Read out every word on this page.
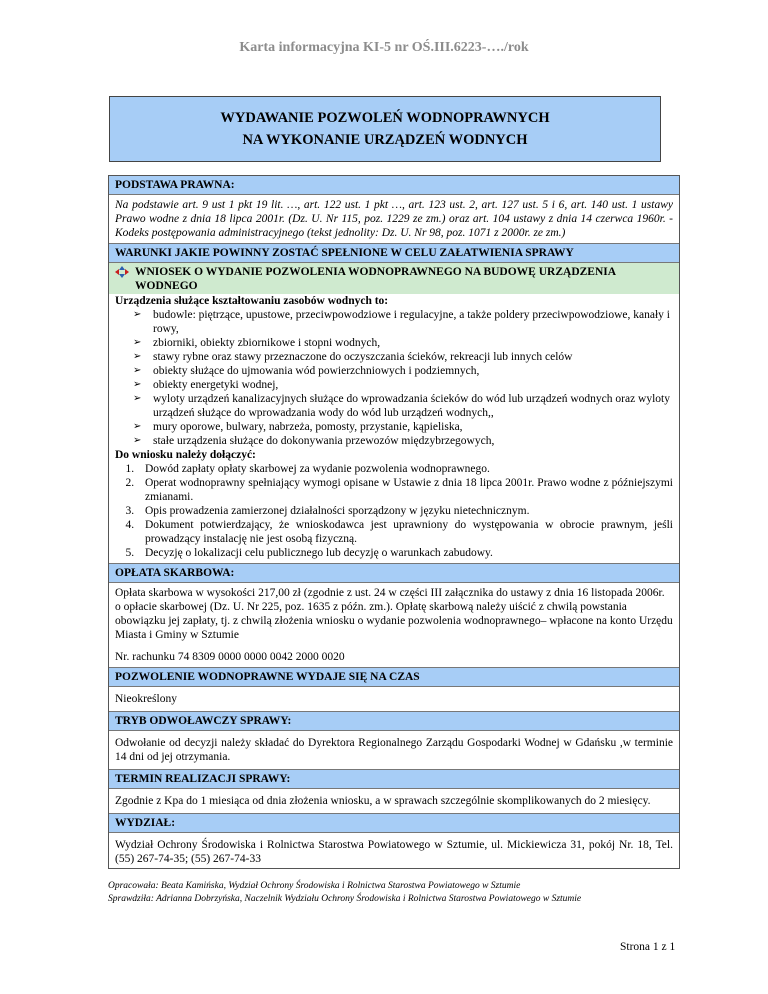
Karta informacyjna KI-5 nr OŚ.III.6223-…./rok
WYDAWANIE POZWOLEŃ WODNOPRAWNYCH
NA WYKONANIE URZĄDZEŃ WODNYCH
PODSTAWA PRAWNA:
Na podstawie art. 9 ust 1 pkt 19 lit. …, art. 122 ust. 1 pkt …, art. 123 ust. 2, art. 127 ust. 5 i 6, art. 140 ust. 1 ustawy Prawo wodne z dnia 18 lipca 2001r. (Dz. U. Nr 115, poz. 1229 ze zm.) oraz art. 104 ustawy z dnia 14 czerwca 1960r. - Kodeks postępowania administracyjnego (tekst jednolity: Dz. U. Nr 98, poz. 1071 z 2000r. ze zm.)
WARUNKI JAKIE POWINNY ZOSTAĆ SPEŁNIONE W CELU ZAŁATWIENIA SPRAWY
WNIOSEK O WYDANIE POZWOLENIA WODNOPRAWNEGO NA BUDOWĘ URZĄDZENIA WODNEGO
Urządzenia służące kształtowaniu zasobów wodnych to:
➢ budowle: piętrzące, upustowe, przeciwpowodziowe i regulacyjne, a także poldery przeciwpowodziowe, kanały i rowy,
➢ zbiorniki, obiekty zbiornikowe i stopni wodnych,
➢ stawy rybne oraz stawy przeznaczone do oczyszczania ścieków, rekreacji lub innych celów
➢ obiekty służące do ujmowania wód powierzchniowych i podziemnych,
➢ obiekty energetyki wodnej,
➢ wyloty urządzeń kanalizacyjnych służące do wprowadzania ścieków do wód lub urządzeń wodnych oraz wyloty urządzeń służące do wprowadzania wody do wód lub urządzeń wodnych,,
➢ mury oporowe, bulwary, nabrzeża, pomosty, przystanie, kąpieliska,
➢ stałe urządzenia służące do dokonywania przewozów międzybrzegowych,
Do wniosku należy dołączyć:
1. Dowód zapłaty opłaty skarbowej za wydanie pozwolenia wodnoprawnego.
2. Operat wodnoprawny spełniający wymogi opisane w Ustawie z dnia 18 lipca 2001r. Prawo wodne z późniejszymi zmianami.
3. Opis prowadzenia zamierzonej działalności sporządzony w języku nietechnicznym.
4. Dokument potwierdzający, że wnioskodawca jest uprawniony do występowania w obrocie prawnym, jeśli prowadzący instalację nie jest osobą fizyczną.
5. Decyzję o lokalizacji celu publicznego lub decyzję o warunkach zabudowy.
OPŁATA SKARBOWA:
Opłata skarbowa w wysokości 217,00 zł (zgodnie z ust. 24 w części III załącznika do ustawy z dnia 16 listopada 2006r. o opłacie skarbowej (Dz. U. Nr 225, poz. 1635 z późn. zm.). Opłatę skarbową należy uiścić z chwilą powstania obowiązku jej zapłaty, tj. z chwilą złożenia wniosku o wydanie pozwolenia wodnoprawnego– wpłacone na konto Urzędu Miasta i Gminy w Sztumie
Nr. rachunku 74 8309 0000 0000 0042 2000 0020
POZWOLENIE WODNOPRAWNE WYDAJE SIĘ NA CZAS
Nieokreślony
TRYB ODWOŁAWCZY SPRAWY:
Odwołanie od decyzji należy składać do Dyrektora Regionalnego Zarządu Gospodarki Wodnej w Gdańsku ,w terminie 14 dni od jej otrzymania.
TERMIN REALIZACJI SPRAWY:
Zgodnie z Kpa do 1 miesiąca od dnia złożenia wniosku, a w sprawach szczególnie skomplikowanych do 2 miesięcy.
WYDZIAŁ:
Wydział Ochrony Środowiska i Rolnictwa Starostwa Powiatowego w Sztumie, ul. Mickiewicza 31, pokój Nr. 18, Tel. (55) 267-74-35; (55) 267-74-33
Opracowała: Beata Kamińska, Wydział Ochrony Środowiska i Rolnictwa Starostwa Powiatowego w Sztumie
Sprawdziła: Adrianna Dobrzyńska, Naczelnik Wydziału Ochrony Środowiska i Rolnictwa Starostwa Powiatowego w Sztumie
Strona 1 z 1
